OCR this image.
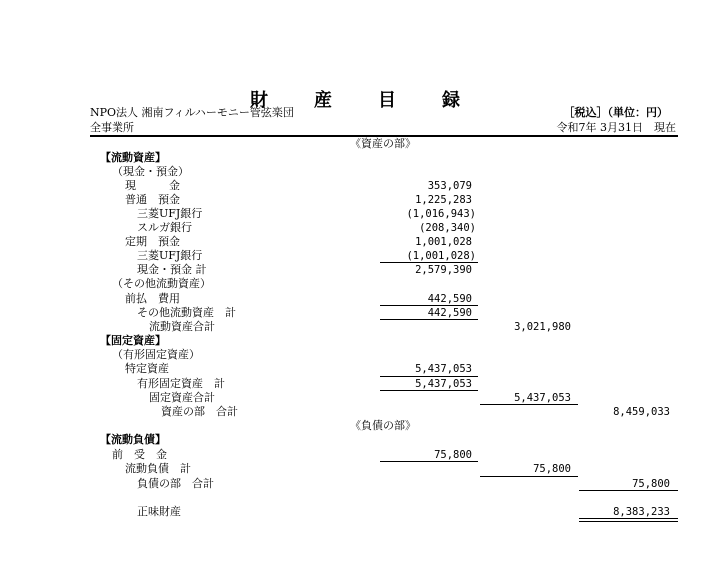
財　産　目　録
NPO法人 湘南フィルハーモニー管弦楽団	［税込］（単位：円）
全事業所	令和7年 3月31日　現在
《資産の部》
【流動資産】
（現金・預金）
現　　　金
普通　預金
三菱UFJ銀行
スルガ銀行
定期　預金
三菱UFJ銀行
現金・預金 計
（その他流動資産）
前払　費用
その他流動資産　計
流動資産合計
【固定資産】
（有形固定資産）
特定資産
有形固定資産　計
固定資産合計
資産の部　合計
《負債の部》
【流動負債】
前　受　金
流動負債　計
負債の部　合計
正味財産
353,079
1,225,283
(1,016,943)
(208,340)
1,001,028
(1,001,028)
2,579,390
442,590
442,590
5,437,053
5,437,053
75,800
3,021,980
5,437,053
75,800
8,459,033
75,800
8,383,233
